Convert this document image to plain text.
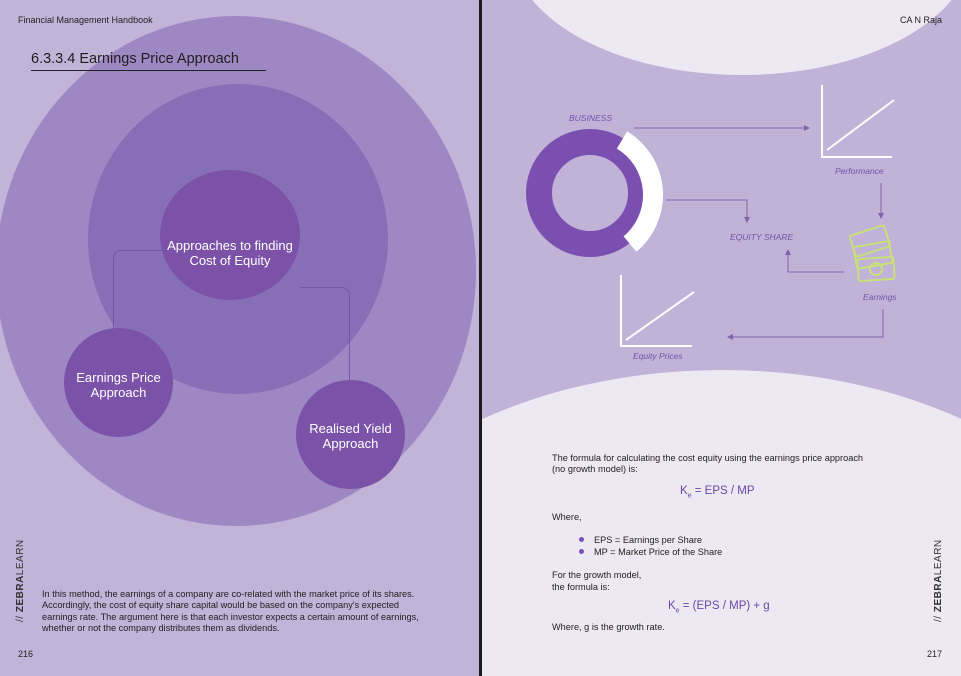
Financial Management Handbook
6.3.3.4 Earnings Price Approach
Approaches to finding Cost of Equity
Earnings Price Approach
Realised Yield Approach
// ZEBRALEARN
In this method, the earnings of a company are co-related with the market price of its shares. Accordingly, the cost of equity share capital would be based on the company's expected earnings rate. The argument here is that each investor expects a certain amount of earnings, whether or not the company distributes them as dividends.
216
CA N Raja
BUSINESS
Performance
EQUITY SHARE
Earnings
Equity Prices
The formula for calculating the cost equity using the earnings price approach (no growth model) is:
$K_e$ = EPS / MP
Where,
EPS = Earnings per Share
MP = Market Price of the Share
For the growth model,
the formula is:
$K_e = (EPS / MP) + g$
Where, g is the growth rate.
// ZEBRALEARN
217
